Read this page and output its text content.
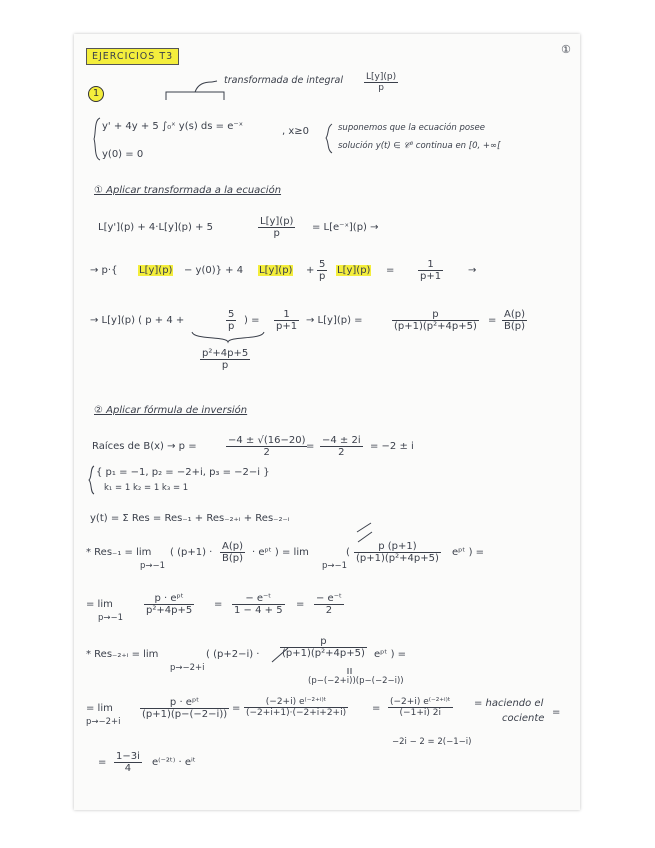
EJERCICIOS T3
①
1
transformada de integral $\frac{L[y](p)}{p}$
y' + 4y + 5 ∫₀ˣ y(s) ds = e⁻ˣ	, x≥0
y(0) = 0
suponemos que la ecuación posee
solución y(t) ∈ 𝒞⁰ continua en [0, +∞[
① Aplicar transformada a la ecuación
L[y'](p) + 4·L[y](p) + 5	$\frac{L[y](p)}{p}$ = L[e⁻ˣ](p) →
→ p·{ L[y](p) − y(0)} + 4 $L[y](p) + \frac{5}{p} L[y](p) = \frac{1}{p+1}$ →
→ L[y](p) ( p + 4 +	$\frac{5}{p}$ ) = $\frac{1}{p+1} \to L[y](p)$ =	$\frac{p}{\text{(p+1)(p²+4p+5)}} = \frac{A(p)}{B(p)}$
$\frac{\text{p²+4p+5}}{p}$
② Aplicar fórmula de inversión
Raíces de B(x) → p =	$\frac{-4 \pm √(16-20)}{2}$
= $\frac{-4 \pm 2i}{2} = -2 \pm i$
{ p₁ = −1, p₂ = −2+i, p₃ = −2−i }
k₁ = 1 k₂ = 1 k₃ = 1
y(t) = Σ Res = Res₋₁ + Res₋₂₊ᵢ + Res₋₂₋ᵢ
* Res₋₁ = lim
p→−1
( $(p+1) \cdot \frac{A(p)}{B(p)}$ · eᵖᵗ ) = lim
p→−1
( $\frac{p (p+1)}{\text{(p+1)(p²+4p+5)}}$ eᵖᵗ ) =
= lim
p→−1
p · eᵖᵗ
p²+4p+5
= $\frac{\text{− e⁻ᵗ}}{1 - 4 + 5} = \frac{\text{− e⁻ᵗ}}{2}$
* Res₋₂₊ᵢ = lim
p→−2+i
( $(p+2-i) \cdot \frac{p}{\text{(p+1)(p²+4p+5)}}$ eᵖᵗ ) =
(p−(−2+i))(p−(−2−i))
= lim
p→−2+i
p · eᵖᵗ
(p+1)(p−(−2−i))
= $\frac{\text{(−2+i) e⁽⁻²⁺ⁱ⁾ᵗ}}{(-2+i+1)\cdot(-2+i+2+i)} = \frac{\text{(−2+i) e⁽⁻²⁺ⁱ⁾ᵗ}}{(-1+i) 2i}$ = haciendo el
cociente
=
−2i − 2 = 2(−1−i)
= $\frac{1-3i}{4}$ e⁽⁻²ᵗ⁾ · eⁱᵗ
